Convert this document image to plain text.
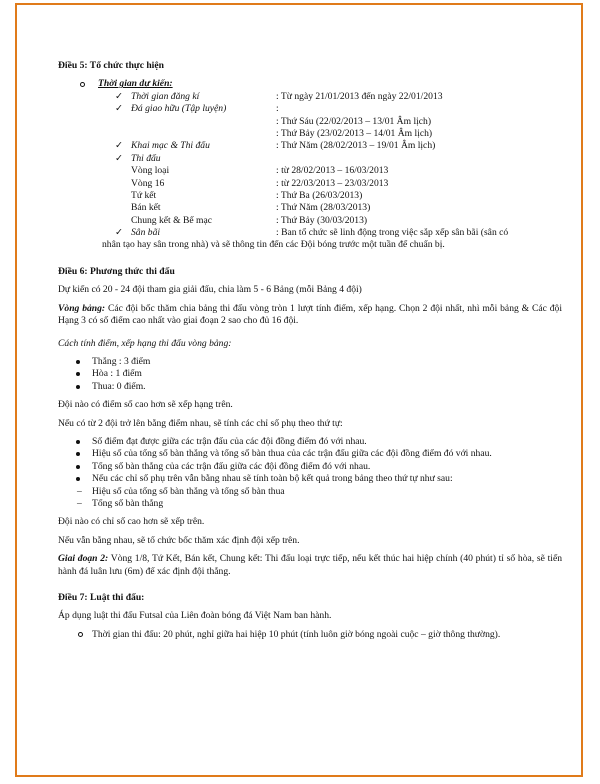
Điều 5: Tổ chức thực hiện

Thời gian dự kiến:
✓ Thời gian đăng kí	: Từ ngày 21/01/2013 đến ngày 22/01/2013
✓ Đá giao hữu (Tập luyện)	:
: Thứ Sáu (22/02/2013 – 13/01 Âm lịch)
: Thứ Bảy (23/02/2013 – 14/01 Âm lịch)
✓ Khai mạc & Thi đấu	: Thứ Năm (28/02/2013 – 19/01 Âm lịch)
✓ Thi đấu
Vòng loại	: từ 28/02/2013 – 16/03/2013
Vòng 16	: từ 22/03/2013 – 23/03/2013
Tứ kết	: Thứ Ba (26/03/2013)
Bán kết	: Thứ Năm (28/03/2013)
Chung kết & Bế mạc	: Thứ Bảy (30/03/2013)
✓ Sân bãi	: Ban tổ chức sẽ linh động trong việc sắp xếp sân bãi (sân có
nhân tạo hay sân trong nhà) và sẽ thông tin đến các Đội bóng trước một tuần để chuẩn bị.

Điều 6: Phương thức thi đấu

Dự kiến có 20 - 24 đội tham gia giải đấu, chia làm 5 - 6 Bảng (mỗi Bảng 4 đội)

Vòng bảng: Các đội bốc thăm chia bảng thi đấu vòng tròn 1 lượt tính điểm, xếp hạng. Chọn 2 đội nhất, nhì mỗi bảng & Các đội Hạng 3 có số điểm cao nhất vào giai đoạn 2 sao cho đủ 16 đội.

Cách tính điểm, xếp hạng thi đấu vòng bảng:

Thắng : 3 điểm
Hòa : 1 điểm
Thua: 0 điểm.

Đội nào có điểm số cao hơn sẽ xếp hạng trên.

Nếu có từ 2 đội trở lên bằng điểm nhau, sẽ tính các chỉ số phụ theo thứ tự:

Số điểm đạt được giữa các trận đấu của các đội đồng điểm đó với nhau.
Hiệu số của tổng số bàn thắng và tổng số bàn thua của các trận đấu giữa các đội đồng điểm đó với nhau.
Tổng số bàn thắng của các trận đấu giữa các đội đồng điểm đó với nhau.
Nếu các chỉ số phụ trên vẫn bằng nhau sẽ tính toàn bộ kết quả trong bảng theo thứ tự như sau:
– Hiệu số của tổng số bàn thắng và tổng số bàn thua
– Tổng số bàn thắng

Đội nào có chỉ số cao hơn sẽ xếp trên.

Nếu vẫn bằng nhau, sẽ tổ chức bốc thăm xác định đội xếp trên.

Giai đoạn 2: Vòng 1/8, Tứ Kết, Bán kết, Chung kết: Thi đấu loại trực tiếp, nếu kết thúc hai hiệp chính (40 phút) tỉ số hòa, sẽ tiến hành đá luân lưu (6m) để xác định đội thắng.

Điều 7: Luật thi đấu:

Áp dụng luật thi đấu Futsal của Liên đoàn bóng đá Việt Nam ban hành.

Thời gian thi đấu: 20 phút, nghỉ giữa hai hiệp 10 phút (tính luôn giờ bóng ngoài cuộc – giờ thông thường).
